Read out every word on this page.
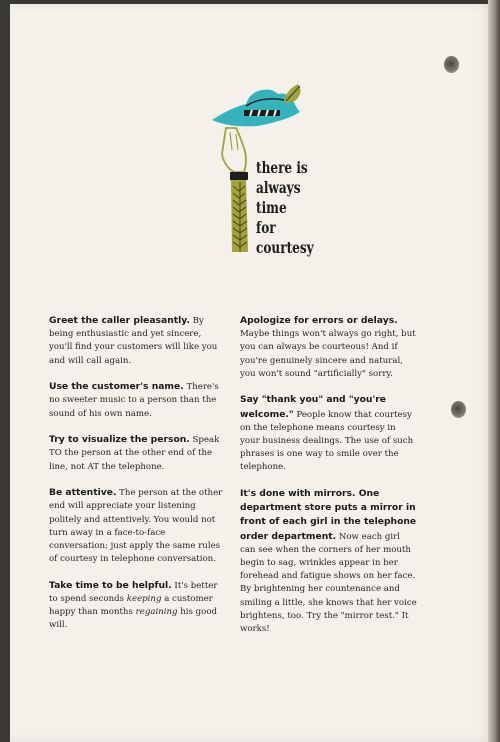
there is
always
time
for
courtesy

Greet the caller pleasantly. By being enthusiastic and yet sincere, you'll find your customers will like you and will call again.

Use the customer's name. There's no sweeter music to a person than the sound of his own name.

Try to visualize the person. Speak TO the person at the other end of the line, not AT the telephone.

Be attentive. The person at the other end will appreciate your listening politely and attentively. You would not turn away in a face-to-face conversation; just apply the same rules of courtesy in telephone conversation.

Take time to be helpful. It's better to spend seconds keeping a customer happy than months regaining his good will.

Apologize for errors or delays. Maybe things won't always go right, but you can always be courteous! And if you're genuinely sincere and natural, you won't sound "artificially" sorry.

Say "thank you" and "you're welcome." People know that courtesy on the telephone means courtesy in your business dealings. The use of such phrases is one way to smile over the telephone.

It's done with mirrors. One department store puts a mirror in front of each girl in the telephone order department. Now each girl can see when the corners of her mouth begin to sag, wrinkles appear in her forehead and fatigue shows on her face. By brightening her countenance and smiling a little, she knows that her voice brightens, too. Try the "mirror test." It works!
